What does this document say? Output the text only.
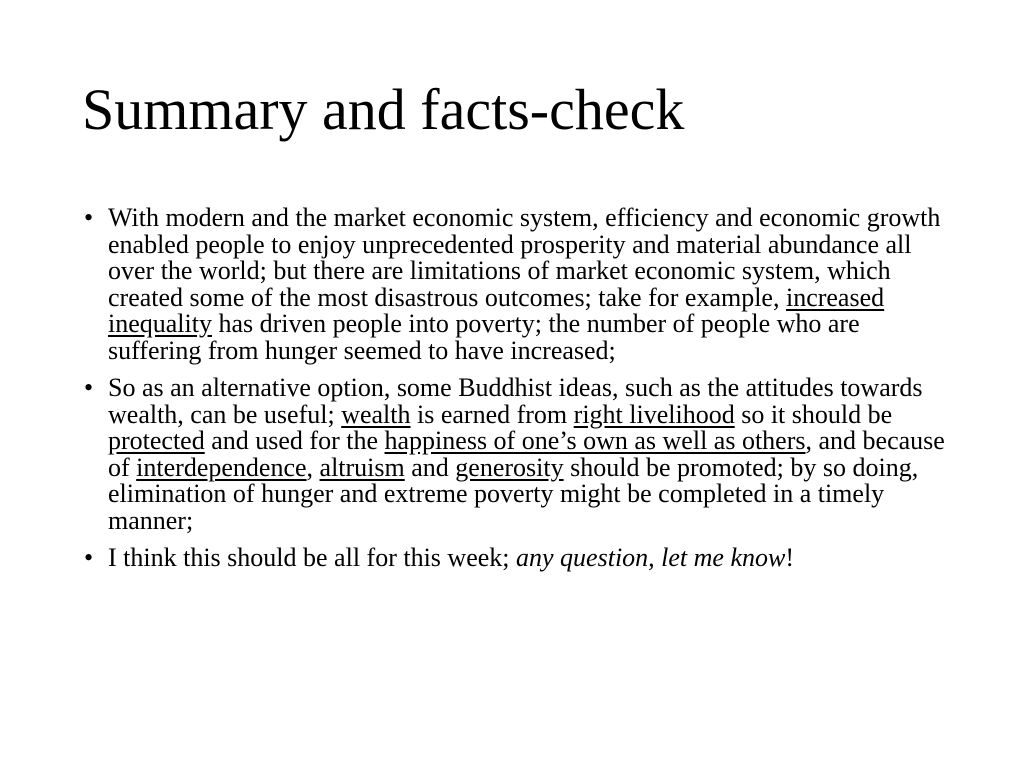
Summary and facts-check
• With modern and the market economic system, efficiency and economic growth enabled people to enjoy unprecedented prosperity and material abundance all over the world; but there are limitations of market economic system, which created some of the most disastrous outcomes; take for example, increased inequality has driven people into poverty; the number of people who are suffering from hunger seemed to have increased;
• So as an alternative option, some Buddhist ideas, such as the attitudes towards wealth, can be useful; wealth is earned from right livelihood so it should be protected and used for the happiness of one’s own as well as others, and because of interdependence, altruism and generosity should be promoted; by so doing, elimination of hunger and extreme poverty might be completed in a timely manner;
• I think this should be all for this week; any question, let me know!
